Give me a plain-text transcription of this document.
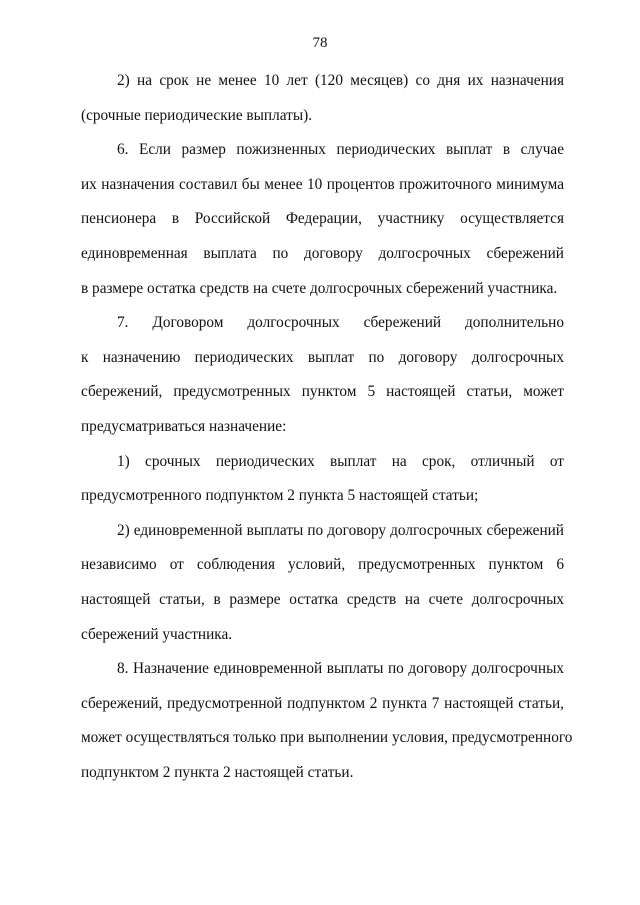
78
2) на срок не менее 10 лет (120 месяцев) со дня их назначения
(срочные периодические выплаты).
6. Если размер пожизненных периодических выплат в случае
их назначения составил бы менее 10 процентов прожиточного минимума
пенсионера в Российской Федерации, участнику осуществляется
единовременная выплата по договору долгосрочных сбережений
в размере остатка средств на счете долгосрочных сбережений участника.
7. Договором долгосрочных сбережений дополнительно
к назначению периодических выплат по договору долгосрочных
сбережений, предусмотренных пунктом 5 настоящей статьи, может
предусматриваться назначение:
1) срочных периодических выплат на срок, отличный от
предусмотренного подпунктом 2 пункта 5 настоящей статьи;
2) единовременной выплаты по договору долгосрочных сбережений
независимо от соблюдения условий, предусмотренных пунктом 6
настоящей статьи, в размере остатка средств на счете долгосрочных
сбережений участника.
8. Назначение единовременной выплаты по договору долгосрочных
сбережений, предусмотренной подпунктом 2 пункта 7 настоящей статьи,
может осуществляться только при выполнении условия, предусмотренного
подпунктом 2 пункта 2 настоящей статьи.
